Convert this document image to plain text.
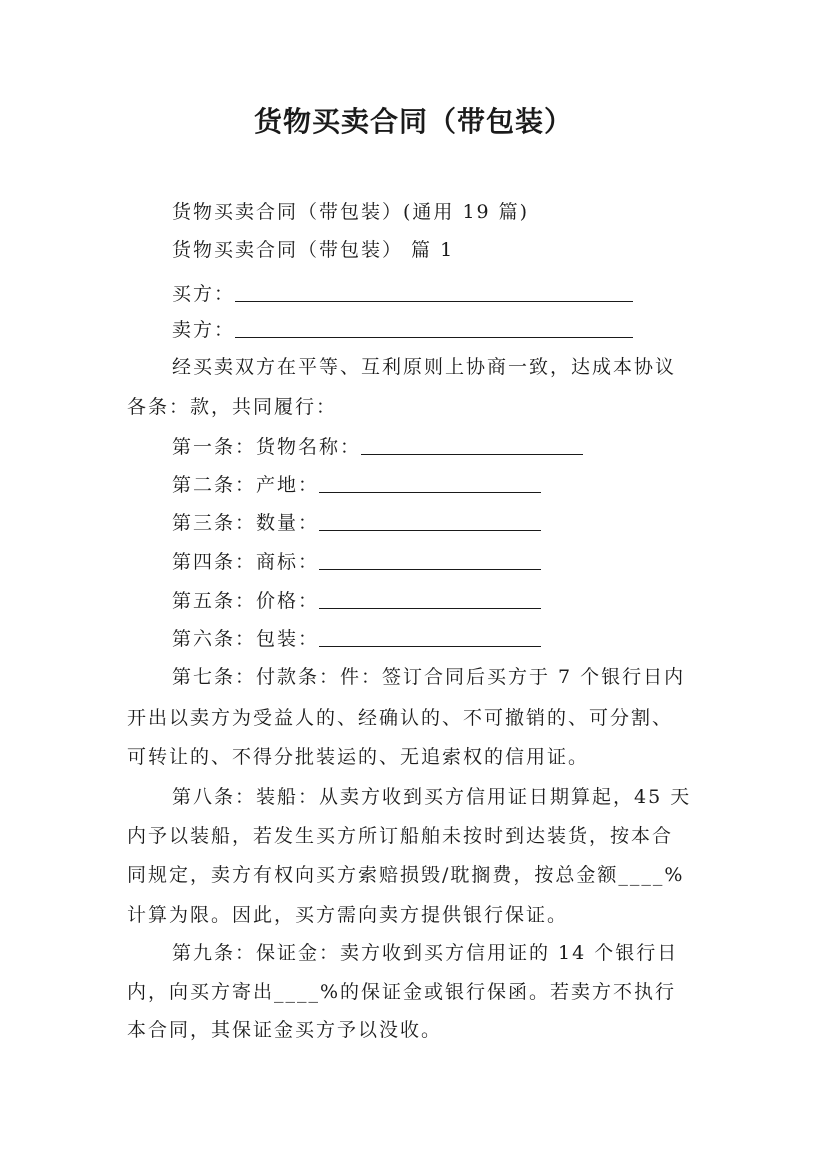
货物买卖合同（带包装）
货物买卖合同（带包装）(通用 19 篇)
货物买卖合同（带包装） 篇 1
买方：
卖方：
经买卖双方在平等、互利原则上协商一致，达成本协议
各条：款，共同履行：
第一条：货物名称：
第二条：产地：
第三条：数量：
第四条：商标：
第五条：价格：
第六条：包装：
第七条：付款条：件：签订合同后买方于 7 个银行日内
开出以卖方为受益人的、经确认的、不可撤销的、可分割、
可转让的、不得分批装运的、无追索权的信用证。
第八条：装船：从卖方收到买方信用证日期算起，45 天
内予以装船，若发生买方所订船舶未按时到达装货，按本合
同规定，卖方有权向买方索赔损毁/耽搁费，按总金额____%
计算为限。因此，买方需向卖方提供银行保证。
第九条：保证金：卖方收到买方信用证的 14 个银行日
内，向买方寄出____%的保证金或银行保函。若卖方不执行
本合同，其保证金买方予以没收。
